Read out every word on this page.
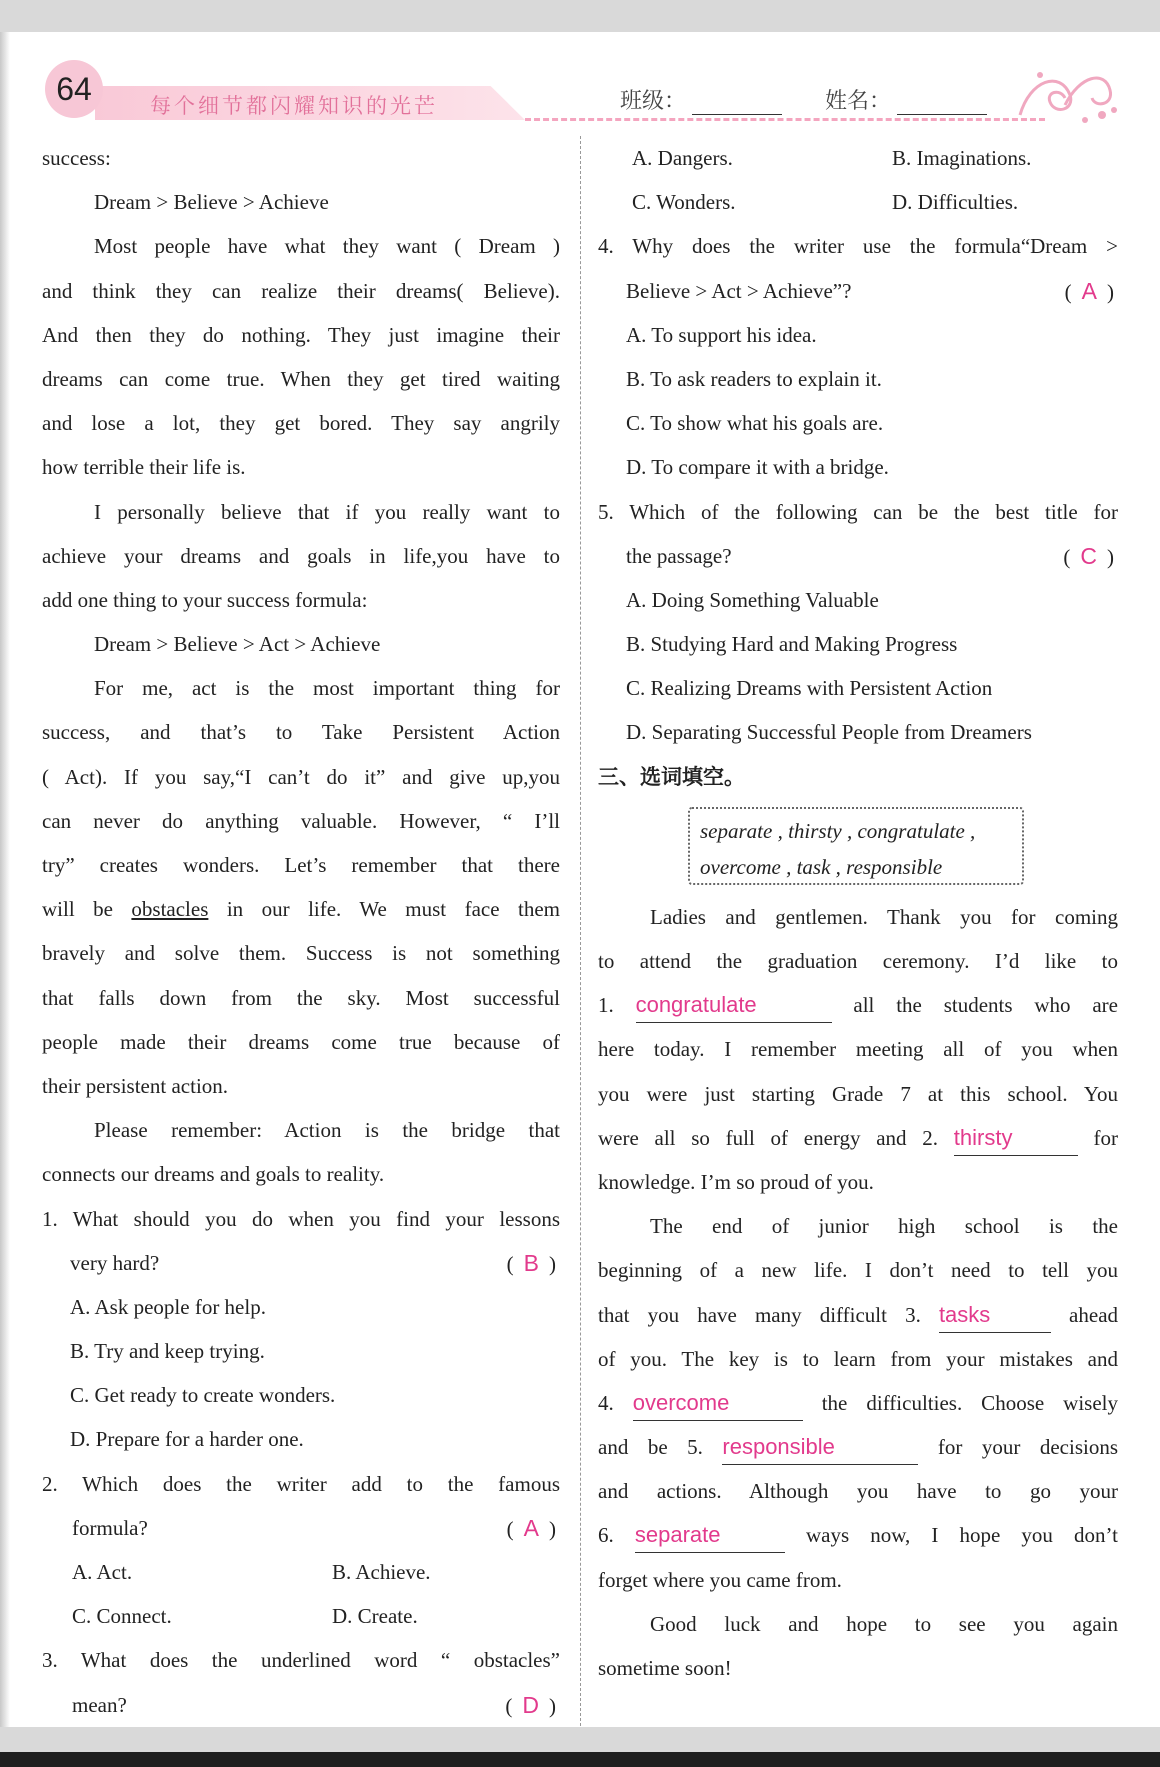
64	每个细节都闪耀知识的光芒	班级：	姓名：
success:
Dream > Believe > Achieve
Most people have what they want ( Dream )
and think they can realize their dreams( Believe).
And then they do nothing. They just imagine their
dreams can come true. When they get tired waiting
and lose a lot, they get bored. They say angrily
how terrible their life is.
I personally believe that if you really want to
achieve your dreams and goals in life,you have to
add one thing to your success formula:
Dream > Believe > Act > Achieve
For me, act is the most important thing for
success, and that’s to Take Persistent Action
( Act). If you say,“I can’t do it” and give up,you
can never do anything valuable. However, “ I’ll
try” creates wonders. Let’s remember that there
will be obstacles in our life. We must face them
bravely and solve them. Success is not something
that falls down from the sky. Most successful
people made their dreams come true because of
their persistent action.
Please remember: Action is the bridge that
connects our dreams and goals to reality.
1. What should you do when you find your lessons
very hard?	( B )
A. Ask people for help.
B. Try and keep trying.
C. Get ready to create wonders.
D. Prepare for a harder one.
2. Which does the writer add to the famous
formula?	( A )
A. Act.	B. Achieve.
C. Connect.	D. Create.
3. What does the underlined word “ obstacles”
mean?	( D )
A. Dangers.	B. Imaginations.
C. Wonders.	D. Difficulties.
4. Why does the writer use the formula“Dream >
Believe > Act > Achieve”?	( A )
A. To support his idea.
B. To ask readers to explain it.
C. To show what his goals are.
D. To compare it with a bridge.
5. Which of the following can be the best title for
the passage?	( C )
A. Doing Something Valuable
B. Studying Hard and Making Progress
C. Realizing Dreams with Persistent Action
D. Separating Successful People from Dreamers
三、选词填空。
separate , thirsty , congratulate ,
overcome , task , responsible
Ladies and gentlemen. Thank you for coming
to attend the graduation ceremony. I’d like to
1. congratulate	all the students who are
here today. I remember meeting all of you when
you were just starting Grade 7 at this school. You
were all so full of energy and 2. thirsty	for
knowledge. I’m so proud of you.
The end of junior high school is the
beginning of a new life. I don’t need to tell you
that you have many difficult 3. tasks	ahead
of you. The key is to learn from your mistakes and
4. overcome	the difficulties. Choose wisely
and be 5. responsible	for your decisions
and actions. Although you have to go your
6. separate	ways now, I hope you don’t
forget where you came from.
Good luck and hope to see you again
sometime soon!
